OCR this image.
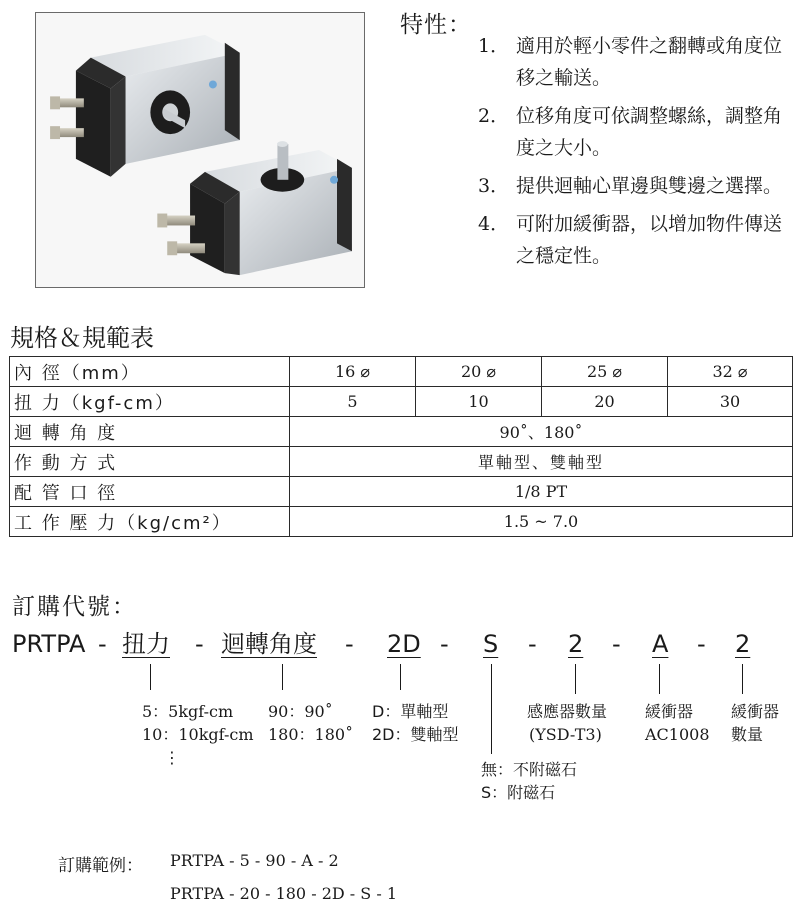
特性：
1． 適用於輕小零件之翻轉或角度位移之輸送。
2． 位移角度可依調整螺絲，調整角度之大小。
3． 提供迴軸心單邊與雙邊之選擇。
4． 可附加緩衝器，以增加物件傳送之穩定性。
規格＆規範表
內 徑（mm）	16 ⌀	20 ⌀	25 ⌀	32 ⌀
扭 力（kgf-cm）	5	10	20	30
迴 轉 角 度	90˚、180˚			
作 動 方 式	單軸型、雙軸型			
配 管 口 徑	1/8 PT			
工 作 壓 力（kg/cm²）	1.5 ~ 7.0			
訂購代號：
PRTPA - 扭力 - 迴轉角度 - 2D - S - 2 - A - 2
5：5kgf-cm
10：10kgf-cm
⋮
90：90˚
180：180˚
D：單軸型
2D：雙軸型
無：不附磁石
S：附磁石
感應器數量
(YSD-T3)
緩衝器
AC1008
緩衝器
數量
訂購範例： PRTPA - 5 - 90 - A - 2
PRTPA - 20 - 180 - 2D - S - 1
